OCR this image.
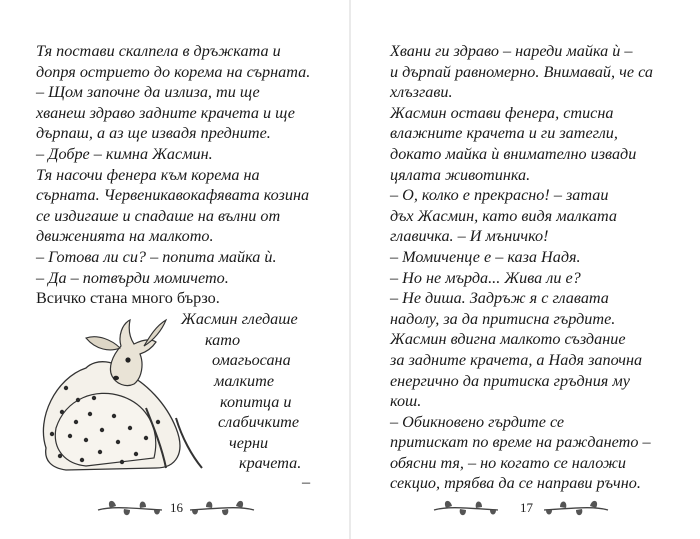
Тя постави скалпела в дръжката и
допря острието до корема на сърната.
– Щом започне да излиза, ти ще
хванеш здраво задните крачета и ще
дърпаш, а аз ще извадя предните.
– Добре – кимна Жасмин.
Тя насочи фенера към корема на
сърната. Червеникавокафявата козина
се издигаше и спадаше на вълни от
движенията на малкото.
– Готова ли си? – попита майка ѝ.
– Да – потвърди момичето.
Всичко стана много бързо.
Жасмин гледаше
като
омагьосана
малките
копитца и
слабичките
черни
крачета.
–
16
Хвани ги здраво – нареди майка ѝ –
и дърпай равномерно. Внимавай, че са
хлъзгави.
Жасмин остави фенера, стисна
влажните крачета и ги затегли,
докато майка ѝ внимателно извади
цялата животинка.
– О, колко е прекрасно! – затаи
дъх Жасмин, като видя малката
главичка. – И мъничко!
– Момиченце е – каза Надя.
– Но не мърда... Жива ли е?
– Не диша. Задръж я с главата
надолу, за да притисна гърдите.
Жасмин вдигна малкото създание
за задните крачета, а Надя започна
енергично да притиска гръдния му
кош.
– Обикновено гърдите се
притискат по време на раждането –
обясни тя, – но когато се наложи
секцио, трябва да се направи ръчно.
17
